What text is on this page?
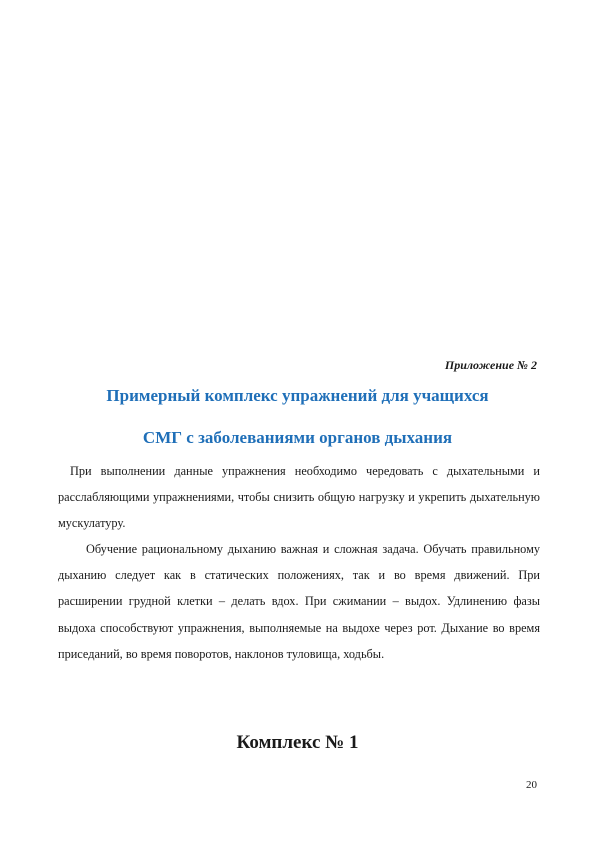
Приложение № 2
Примерный комплекс упражнений для учащихся
СМГ с заболеваниями органов дыхания

При выполнении данные упражнения необходимо чередовать с дыхательными и расслабляющими упражнениями, чтобы снизить общую нагрузку и укрепить дыхательную мускулатуру.

Обучение рациональному дыханию важная и сложная задача. Обучать правильному дыханию следует как в статических положениях, так и во время движений. При расширении грудной клетки – делать вдох. При сжимании – выдох. Удлинению фазы выдоха способствуют упражнения, выполняемые на выдохе через рот. Дыхание во время приседаний, во время поворотов, наклонов туловища, ходьбы.

Комплекс № 1
20
